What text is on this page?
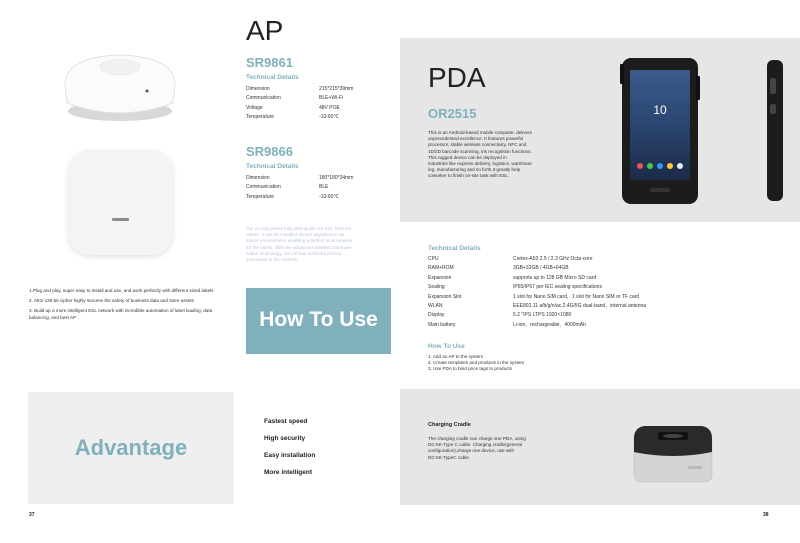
AP
SR9861
Technical Details
Dimension	215*215*39mm
Communication	BLE+Wi-Fi
Voltage	48V POE
Temperature	-10-60℃
SR9866
Technical Details
Dimension	180*180*34mm
Communication	BLE
Temperature	-10-60℃
Our access points help distinguish our ESL from the
others. It can be installed almost anywhere in an
indoor environment, enabling a perfect local network
for the labels. With the advanced wireless communi-
cation technology, our AP has achieved proven
successes in the markets.
1.Plug and play, super easy to install and use, and work perfectly with different sized labels
2. AES-128-bit cipher highly secures the safety of business data and store assets
3. Build up a more intelligent ESL network with incredible automation of label loading, data balancing, and best AP	How To Use
Advantage
Fastest speed
High security
Easy installation
More intelligent
37
PDA
OR2515
This is an Android-based mobile computer, delivers
unprecedented excellence. It features powerful
processor, stable wireless connectivity, NFC and
1D/2D barcode scanning, iris recognition functions.
This rugged device can be deployed in
industries like express delivery, logistics, warehous-
ing, manufacturing and so forth.It greatly help
coworker to finish on-site task with ESL.
10
Technical Details
CPU	Cortex-A53 2.5 / 2.3 GHz Octa-core
RAM+ROM	3GB+32GB / 4GB+64GB
Expansion	supports up to 128 GB Micro SD card
Sealing	IP65/IP67 per IEC sealing specifications
Expansion Slot	1 slot for Nano SIM card，1 slot for Nano SIM or TF card
WLAN	EEE802.11 a/b/g/n/ac,2.4G/5G dual-band，internal antenna
Display	5.2 "IPS LTPS 1920×1080
Main battery	Li-ion，rechargeable，4000mAh
How To Use
1. Add an AP to the system
2. Create templates and products in the system
3. Use PDA to bind price tags to products
Charging Cradle
The charging cradle can charge one PDA, using
DC-5K-Type C cable. Charging cradle(general
configuration),charge one device, use with
DC-5K-TypeC cable
38
